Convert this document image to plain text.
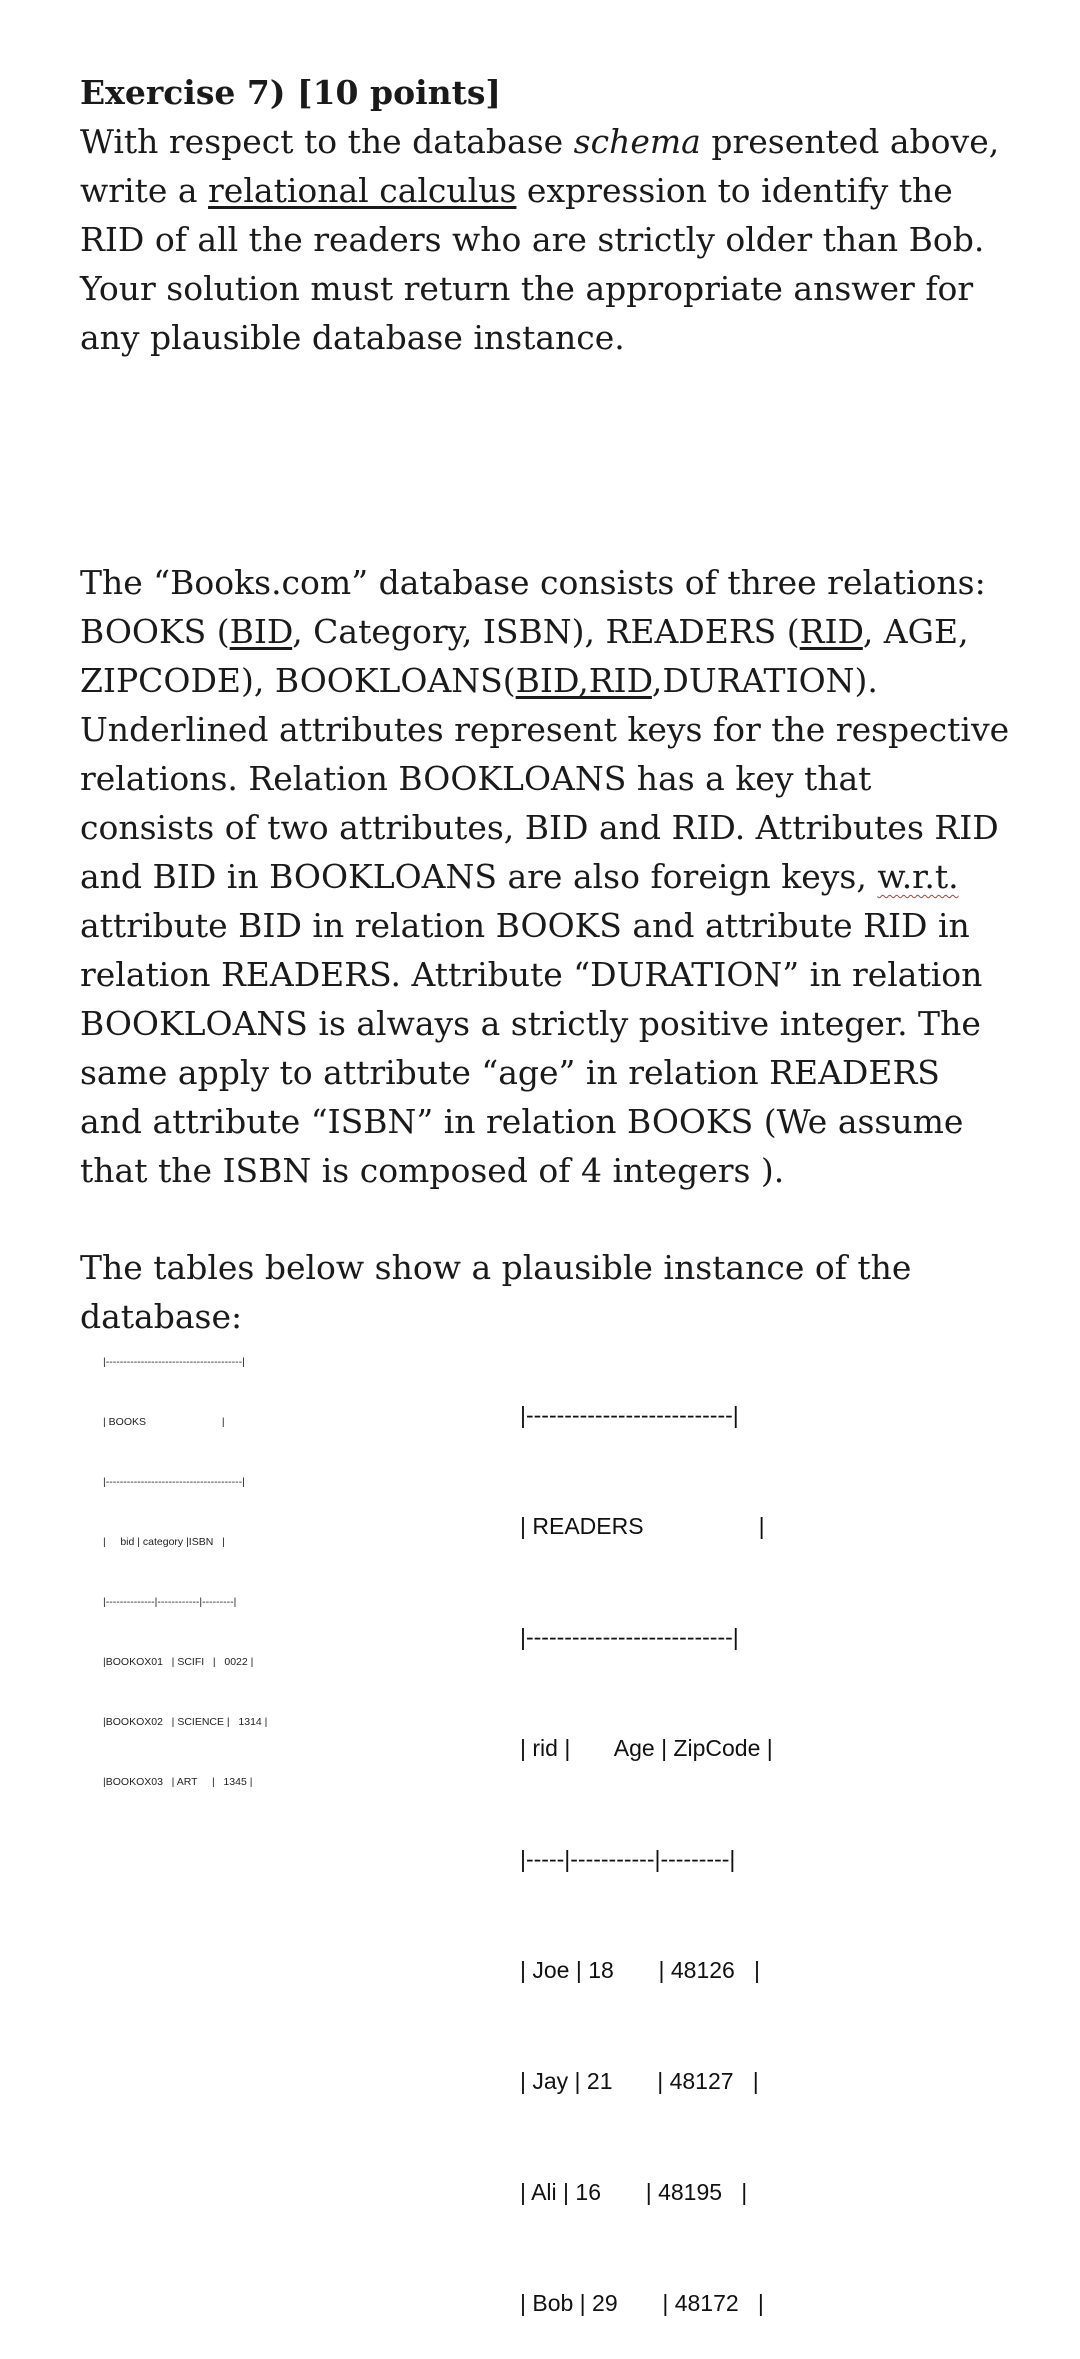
Exercise 7) [10 points]

With respect to the database schema presented above, write a relational calculus expression to identify the RID of all the readers who are strictly older than Bob. Your solution must return the appropriate answer for any plausible database instance.

The “Books.com” database consists of three relations: BOOKS (BID, Category, ISBN), READERS (RID, AGE, ZIPCODE), BOOKLOANS(BID,RID,DURATION). Underlined attributes represent keys for the respective relations. Relation BOOKLOANS has a key that consists of two attributes, BID and RID. Attributes RID and BID in BOOKLOANS are also foreign keys, w.r.t. attribute BID in relation BOOKS and attribute RID in relation READERS. Attribute “DURATION” in relation BOOKLOANS is always a strictly positive integer. The same apply to attribute “age” in relation READERS and attribute “ISBN” in relation BOOKS (We assume that the ISBN is composed of 4 integers ).

The tables below show a plausible instance of the database:

|---------------------------------------|

| BOOKS                          |

|---------------------------------------|

|     bid | category |ISBN   |

|--------------|------------|---------|

|BOOKOX01   | SCIFI   |   0022 |

|BOOKOX02   | SCIENCE |   1314 |

|BOOKOX03   | ART     |   1345 |

|---------------------------|

| READERS                  |

|---------------------------|

| rid |       Age | ZipCode |

|-----|-----------|---------|

| Joe | 18       | 48126   |

| Jay | 21       | 48127   |

| Ali | 16       | 48195   |

| Bob | 29       | 48172   |
